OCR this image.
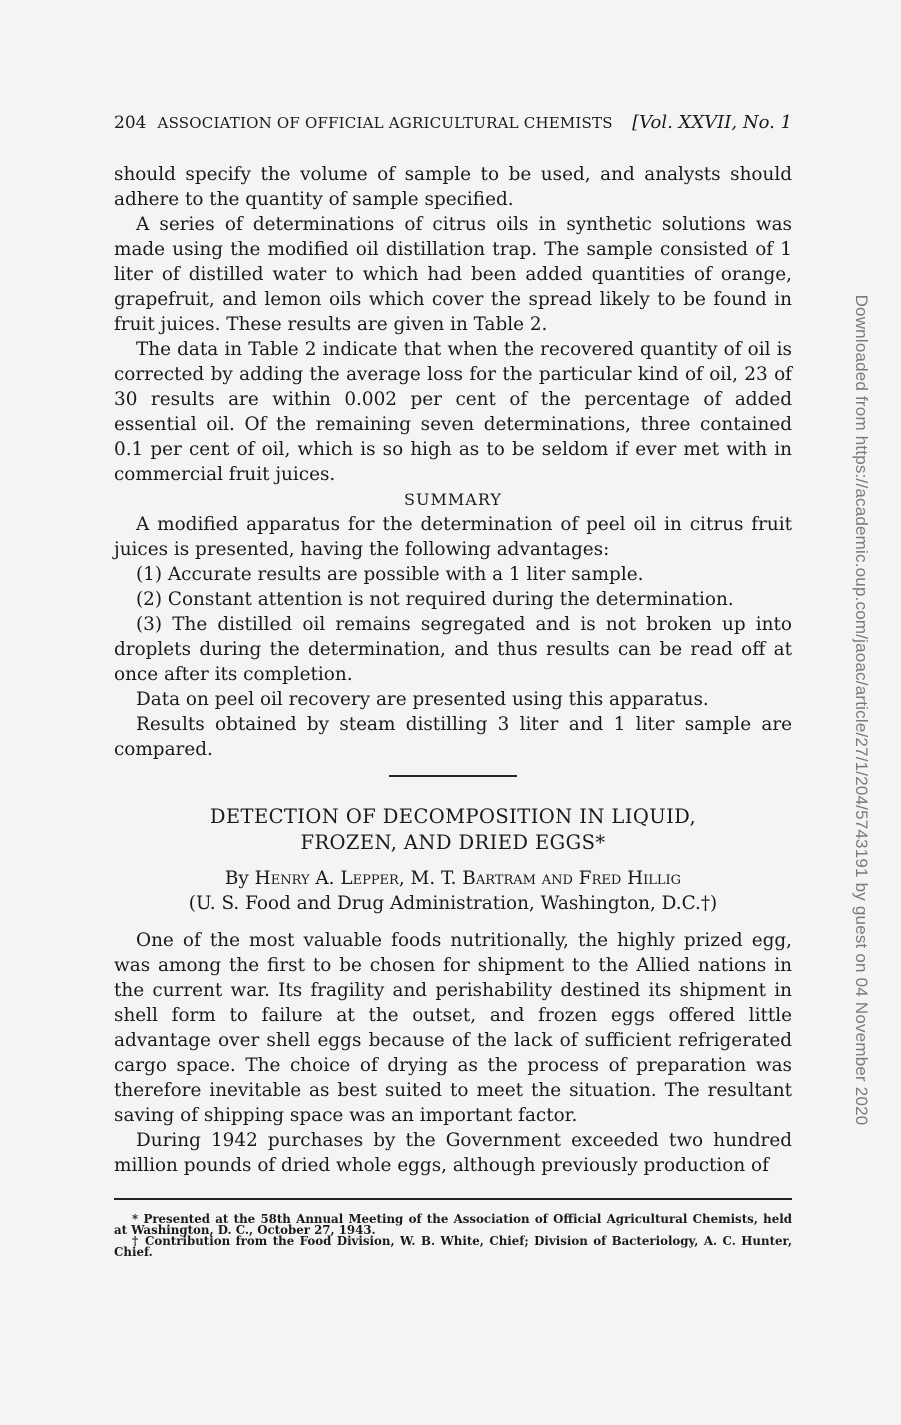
204 ASSOCIATION OF OFFICIAL AGRICULTURAL CHEMISTS [Vol. XXVII, No. 1

should specify the volume of sample to be used, and analysts should adhere to the quantity of sample specified.

A series of determinations of citrus oils in synthetic solutions was made using the modified oil distillation trap. The sample consisted of 1 liter of distilled water to which had been added quantities of orange, grapefruit, and lemon oils which cover the spread likely to be found in fruit juices. These results are given in Table 2.

The data in Table 2 indicate that when the recovered quantity of oil is corrected by adding the average loss for the particular kind of oil, 23 of 30 results are within 0.002 per cent of the percentage of added essential oil. Of the remaining seven determinations, three contained 0.1 per cent of oil, which is so high as to be seldom if ever met with in commercial fruit juices.

SUMMARY

A modified apparatus for the determination of peel oil in citrus fruit juices is presented, having the following advantages:

(1) Accurate results are possible with a 1 liter sample.

(2) Constant attention is not required during the determination.

(3) The distilled oil remains segregated and is not broken up into droplets during the determination, and thus results can be read off at once after its completion.

Data on peel oil recovery are presented using this apparatus.

Results obtained by steam distilling 3 liter and 1 liter sample are compared.

DETECTION OF DECOMPOSITION IN LIQUID,
FROZEN, AND DRIED EGGS*

By Henry A. Lepper, M. T. Bartram and Fred Hillig

(U. S. Food and Drug Administration, Washington, D.C.†)

One of the most valuable foods nutritionally, the highly prized egg, was among the first to be chosen for shipment to the Allied nations in the current war. Its fragility and perishability destined its shipment in shell form to failure at the outset, and frozen eggs offered little advantage over shell eggs because of the lack of sufficient refrigerated cargo space. The choice of drying as the process of preparation was therefore inevitable as best suited to meet the situation. The resultant saving of shipping space was an important factor.

During 1942 purchases by the Government exceeded two hundred million pounds of dried whole eggs, although previously production of

* Presented at the 58th Annual Meeting of the Association of Official Agricultural Chemists, held at Washington, D. C., October 27, 1943.

† Contribution from the Food Division, W. B. White, Chief; Division of Bacteriology, A. C. Hunter, Chief.

Downloaded from https://academic.oup.com/jaoac/article/27/1/204/5743191 by guest on 04 November 2020
